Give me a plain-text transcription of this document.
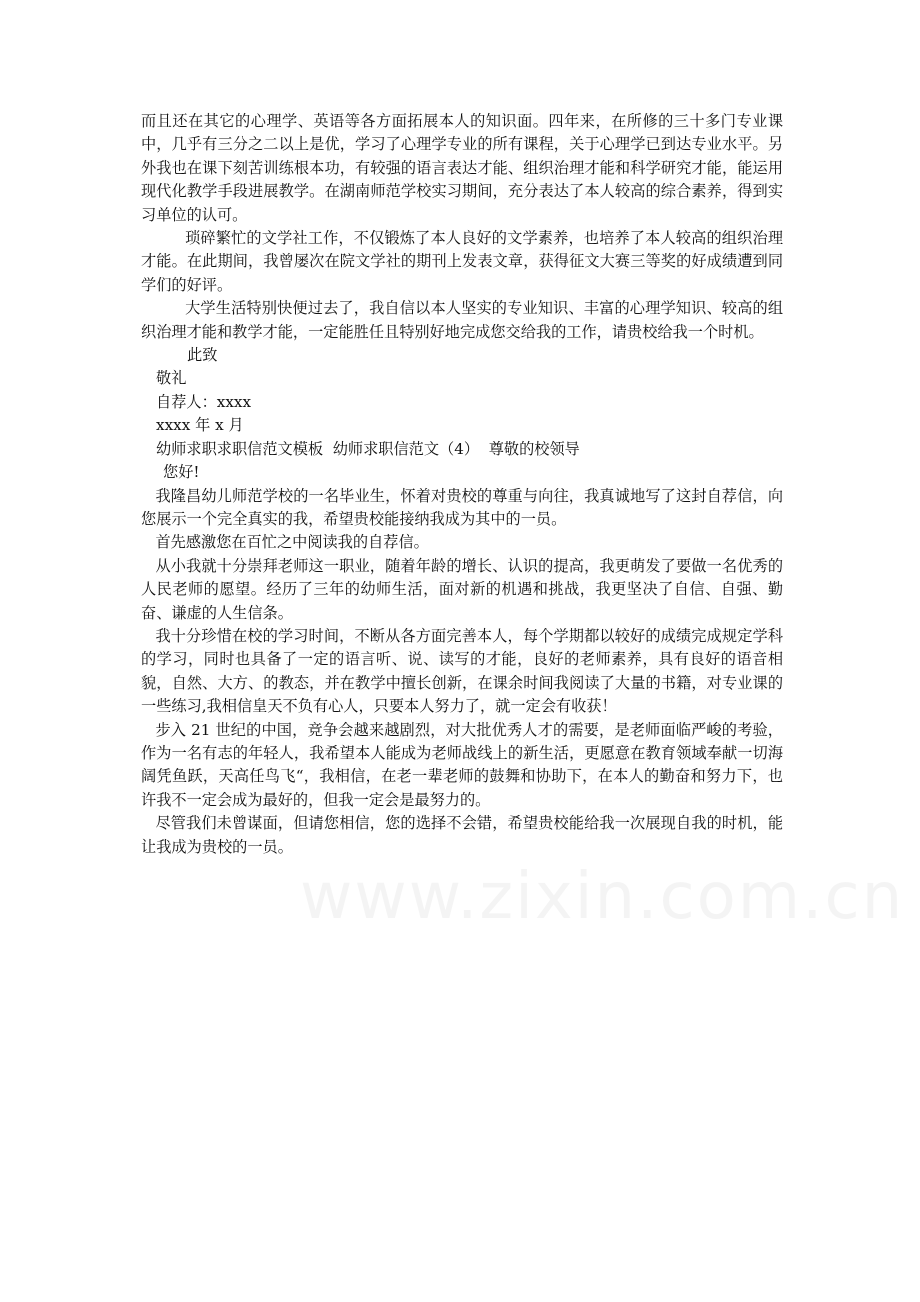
而且还在其它的心理学、英语等各方面拓展本人的知识面。四年来，在所修的三十多门专业课中，几乎有三分之二以上是优，学习了心理学专业的所有课程，关于心理学已到达专业水平。另外我也在课下刻苦训练根本功，有较强的语言表达才能、组织治理才能和科学研究才能，能运用现代化教学手段进展教学。在湖南师范学校实习期间，充分表达了本人较高的综合素养，得到实习单位的认可。

琐碎繁忙的文学社工作，不仅锻炼了本人良好的文学素养，也培养了本人较高的组织治理才能。在此期间，我曾屡次在院文学社的期刊上发表文章，获得征文大赛三等奖的好成绩遭到同学们的好评。

大学生活特别快便过去了，我自信以本人坚实的专业知识、丰富的心理学知识、较高的组织治理才能和教学才能，一定能胜任且特别好地完成您交给我的工作，请贵校给我一个时机。

此致

敬礼

自荐人：xxxx

xxxx 年 x 月

幼师求职求职信范文模板  幼师求职信范文（4）  尊敬的校领导

您好!

我隆昌幼儿师范学校的一名毕业生，怀着对贵校的尊重与向往，我真诚地写了这封自荐信，向您展示一个完全真实的我，希望贵校能接纳我成为其中的一员。

首先感激您在百忙之中阅读我的自荐信。

从小我就十分崇拜老师这一职业，随着年龄的增长、认识的提高，我更萌发了要做一名优秀的人民老师的愿望。经历了三年的幼师生活，面对新的机遇和挑战，我更坚决了自信、自强、勤奋、谦虚的人生信条。

我十分珍惜在校的学习时间，不断从各方面完善本人，每个学期都以较好的成绩完成规定学科的学习，同时也具备了一定的语言听、说、读写的才能，良好的老师素养，具有良好的语音相貌，自然、大方、的教态，并在教学中擅长创新，在课余时间我阅读了大量的书籍，对专业课的一些练习,我相信皇天不负有心人，只要本人努力了，就一定会有收获！

步入 21 世纪的中国，竞争会越来越剧烈，对大批优秀人才的需要，是老师面临严峻的考验，作为一名有志的年轻人，我希望本人能成为老师战线上的新生活，更愿意在教育领域奉献一切海阔凭鱼跃，天高任鸟飞“，我相信，在老一辈老师的鼓舞和协助下，在本人的勤奋和努力下，也许我不一定会成为最好的，但我一定会是最努力的。

尽管我们未曾谋面，但请您相信，您的选择不会错，希望贵校能给我一次展现自我的时机，能让我成为贵校的一员。

www.zixin.com.cn
